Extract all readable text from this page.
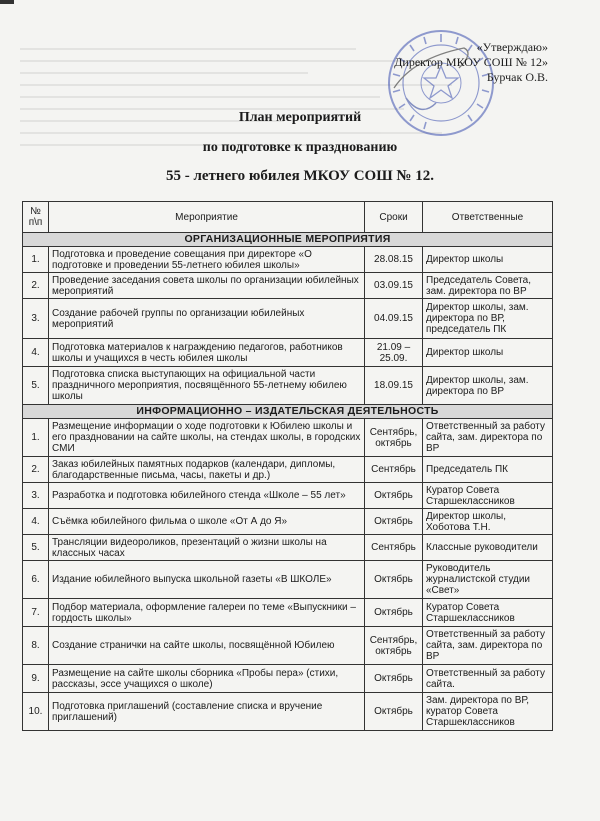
«Утверждаю»
Директор МКОУ СОШ № 12»
Бурчак О.В.
План мероприятий
по подготовке к празднованию
55 - летнего юбилея МКОУ СОШ № 12.
№ п\п	Мероприятие	Сроки	Ответственные
ОРГАНИЗАЦИОННЫЕ МЕРОПРИЯТИЯ			
1.	Подготовка и проведение совещания при директоре «О подготовке и проведении 55-летнего юбилея школы»	28.08.15	Директор школы
2.	Проведение заседания совета школы по организации юбилейных мероприятий	03.09.15	Председатель Совета, зам. директора по ВР
3.	Создание рабочей группы по организации юбилейных мероприятий	04.09.15	Директор школы, зам. директора по ВР, председатель ПК
4.	Подготовка материалов к награждению педагогов, работников школы и учащихся в честь юбилея школы	21.09 – 25.09.	Директор школы
5.	Подготовка списка выступающих на официальной части праздничного мероприятия, посвящённого 55-летнему юбилею школы	18.09.15	Директор школы, зам. директора по ВР
ИНФОРМАЦИОННО – ИЗДАТЕЛЬСКАЯ ДЕЯТЕЛЬНОСТЬ			
1.	Размещение информации о ходе подготовки к Юбилею школы и его праздновании на сайте школы, на стендах школы, в городских СМИ	Сентябрь, октябрь	Ответственный за работу сайта, зам. директора по ВР
2.	Заказ юбилейных памятных подарков (календари, дипломы, благодарственные письма, часы, пакеты и др.)	Сентябрь	Председатель ПК
3.	Разработка и подготовка юбилейного стенда «Школе – 55 лет»	Октябрь	Куратор Совета Старшеклассников
4.	Съёмка юбилейного фильма о школе «От А до Я»	Октябрь	Директор школы, Хоботова Т.Н.
5.	Трансляции видеороликов, презентаций о жизни школы на классных часах	Сентябрь	Классные руководители
6.	Издание юбилейного выпуска школьной газеты «В ШКОЛЕ»	Октябрь	Руководитель журналистской студии «Свет»
7.	Подбор материала, оформление галереи по теме «Выпускники – гордость школы»	Октябрь	Куратор Совета Старшеклассников
8.	Создание странички на сайте школы, посвящённой Юбилею	Сентябрь, октябрь	Ответственный за работу сайта, зам. директора по ВР
9.	Размещение на сайте школы сборника «Пробы пера» (стихи, рассказы, эссе учащихся о школе)	Октябрь	Ответственный за работу сайта.
10.	Подготовка приглашений (составление списка и вручение приглашений)	Октябрь	Зам. директора по ВР, куратор Совета Старшеклассников
